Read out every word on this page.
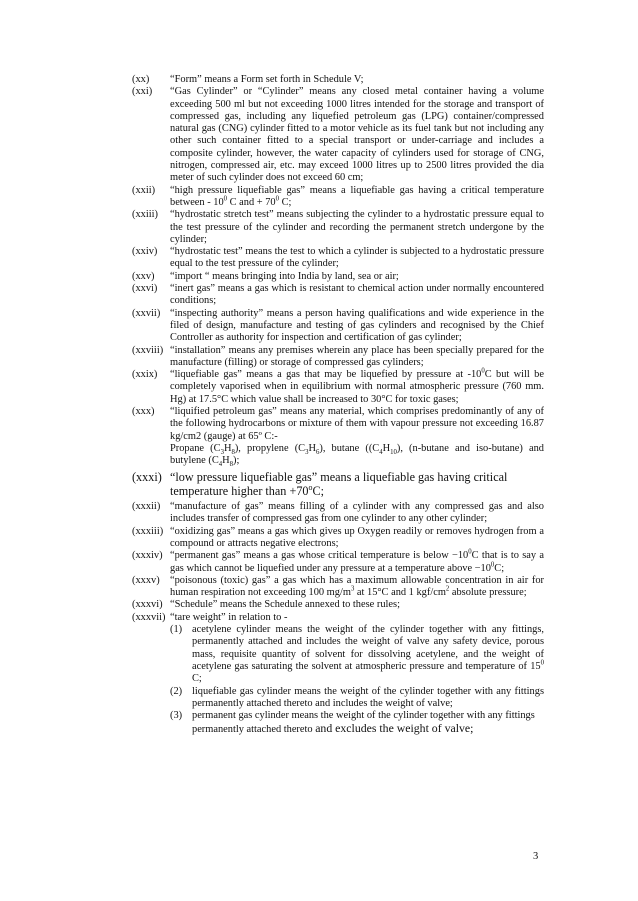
(xx)	“Form” means a Form set forth in Schedule V;
(xxi)	“Gas Cylinder” or “Cylinder” means any closed metal container having a volume exceeding 500 ml but not exceeding 1000 litres intended for the storage and transport of compressed gas, including any liquefied petroleum gas (LPG) container/compressed natural gas (CNG) cylinder fitted to a motor vehicle as its fuel tank but not including any other such container fitted to a special transport or under-carriage and includes a composite cylinder, however, the water capacity of cylinders used for storage of CNG, nitrogen, compressed air, etc. may exceed 1000 litres up to 2500 litres provided the dia meter of such cylinder does not exceed 60 cm;
(xxii)	“high pressure liquefiable gas” means a liquefiable gas having a critical temperature between - $10^0$ C and + $70^0$ C;
(xxiii)	“hydrostatic stretch test” means subjecting the cylinder to a hydrostatic pressure equal to the test pressure of the cylinder and recording the permanent stretch undergone by the cylinder;
(xxiv)	“hydrostatic test” means the test to which a cylinder is subjected to a hydrostatic pressure equal to the test pressure of the cylinder;
(xxv)	“import “ means bringing into India by land, sea or air;
(xxvi)	“inert gas” means a gas which is resistant to chemical action under normally encountered conditions;
(xxvii) “inspecting authority” means a person having qualifications and wide experience in the filed of design, manufacture and testing of gas cylinders and recognised by the Chief Controller as authority for inspection and certification of gas cylinder;
(xxviii) “installation” means any premises wherein any place has been specially prepared for the manufacture (filling) or storage of compressed gas cylinders;
(xxix)	“liquefiable gas” means a gas that may be liquefied by pressure at $-10^0C$ but will be completely vaporised when in equilibrium with normal atmospheric pressure (760 mm. Hg) at 17.5°C which value shall be increased to 30°C for toxic gases;
(xxx)	“liquified petroleum gas” means any material, which comprises predominantly of any of the following hydrocarbons or mixture of them with vapour pressure not exceeding 16.87 kg/cm2 (gauge) at 65º C:-
Propane $(C_3H_8)$, propylene $(C_3H_6)$, butane ($(C_4H_{10})$, (n-butane and iso-butane) and butylene $(C_4H_8)$;
(xxxi) “low pressure liquefiable gas” means a liquefiable gas having critical temperature higher than $+70^oC$;
(xxxii) “manufacture of gas” means filling of a cylinder with any compressed gas and also includes transfer of compressed gas from one cylinder to any other cylinder;
(xxxiii) “oxidizing gas” means a gas which gives up Oxygen readily or removes hydrogen from a compound or attracts negative electrons;
(xxxiv) “permanent gas” means a gas whose critical temperature is below $-10^0C$ that is to say a gas which cannot be liquefied under any pressure at a temperature above $-10^0C$;
(xxxv) “poisonous (toxic) gas” a gas which has a maximum allowable concentration in air for human respiration not exceeding 100 $mg/m^3$ at 15°C and 1 kgf/$cm^2$ absolute pressure;
(xxxvi) “Schedule” means the Schedule annexed to these rules;
(xxxvii) “tare weight” in relation to -
(1) acetylene cylinder means the weight of the cylinder together with any fittings, permanently attached and includes the weight of valve any safety device, porous mass, requisite quantity of solvent for dissolving acetylene, and the weight of acetylene gas saturating the solvent at atmospheric pressure and temperature of $15^0$ C;
(2) liquefiable gas cylinder means the weight of the cylinder together with any fittings permanently attached thereto and includes the weight of valve;
(3) permanent gas cylinder means the weight of the cylinder together with any fittings permanently attached thereto and excludes the weight of valve;
3
